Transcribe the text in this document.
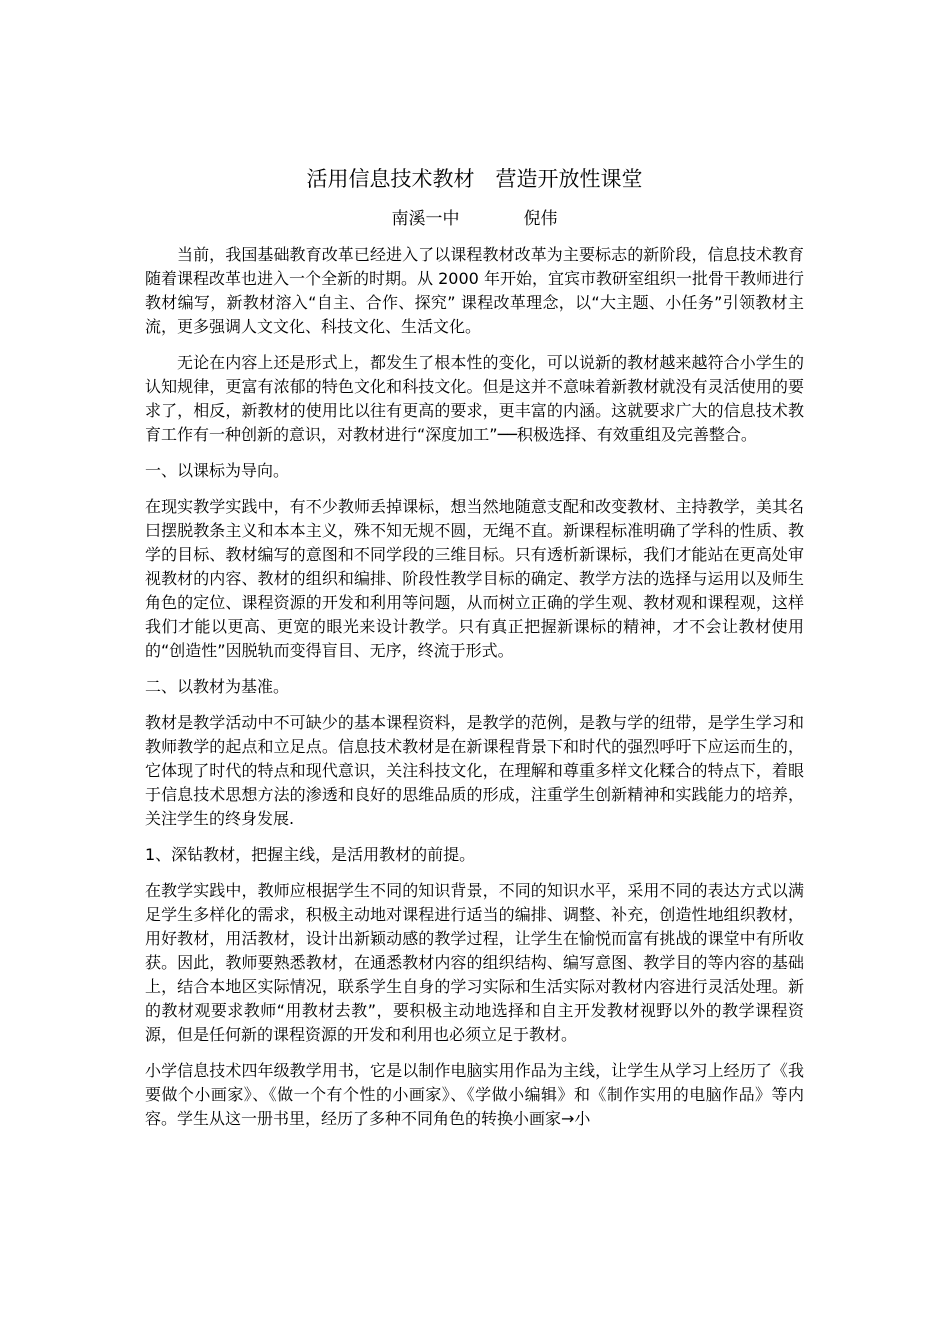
活用信息技术教材　营造开放性课堂
南溪一中	倪伟

当前，我国基础教育改革已经进入了以课程教材改革为主要标志的新阶段，信息技术教育随着课程改革也进入一个全新的时期。从 2000 年开始，宜宾市教研室组织一批骨干教师进行教材编写，新教材溶入“自主、合作、探究” 课程改革理念，以“大主题、小任务”引领教材主流，更多强调人文文化、科技文化、生活文化。

无论在内容上还是形式上，都发生了根本性的变化，可以说新的教材越来越符合小学生的认知规律，更富有浓郁的特色文化和科技文化。但是这并不意味着新教材就没有灵活使用的要求了，相反，新教材的使用比以往有更高的要求，更丰富的内涵。这就要求广大的信息技术教育工作有一种创新的意识，对教材进行“深度加工”──积极选择、有效重组及完善整合。

一、以课标为导向。

在现实教学实践中，有不少教师丢掉课标，想当然地随意支配和改变教材、主持教学，美其名曰摆脱教条主义和本本主义，殊不知无规不圆，无绳不直。新课程标准明确了学科的性质、教学的目标、教材编写的意图和不同学段的三维目标。只有透析新课标，我们才能站在更高处审视教材的内容、教材的组织和编排、阶段性教学目标的确定、教学方法的选择与运用以及师生角色的定位、课程资源的开发和利用等问题，从而树立正确的学生观、教材观和课程观，这样我们才能以更高、更宽的眼光来设计教学。只有真正把握新课标的精神，才不会让教材使用的“创造性”因脱轨而变得盲目、无序，终流于形式。

二、以教材为基准。

教材是教学活动中不可缺少的基本课程资料，是教学的范例，是教与学的纽带，是学生学习和教师教学的起点和立足点。信息技术教材是在新课程背景下和时代的强烈呼吁下应运而生的，它体现了时代的特点和现代意识，关注科技文化，在理解和尊重多样文化糅合的特点下，着眼于信息技术思想方法的渗透和良好的思维品质的形成，注重学生创新精神和实践能力的培养，关注学生的终身发展.

1、深钻教材，把握主线，是活用教材的前提。

在教学实践中，教师应根据学生不同的知识背景，不同的知识水平，采用不同的表达方式以满足学生多样化的需求，积极主动地对课程进行适当的编排、调整、补充，创造性地组织教材，用好教材，用活教材，设计出新颖动感的教学过程，让学生在愉悦而富有挑战的课堂中有所收获。因此，教师要熟悉教材，在通悉教材内容的组织结构、编写意图、教学目的等内容的基础上，结合本地区实际情况，联系学生自身的学习实际和生活实际对教材内容进行灵活处理。新的教材观要求教师“用教材去教”，要积极主动地选择和自主开发教材视野以外的教学课程资源，但是任何新的课程资源的开发和利用也必须立足于教材。

小学信息技术四年级教学用书，它是以制作电脑实用作品为主线，让学生从学习上经历了《我要做个小画家》、《做一个有个性的小画家》、《学做小编辑》和《制作实用的电脑作品》等内容。学生从这一册书里，经历了多种不同角色的转换小画家→小
